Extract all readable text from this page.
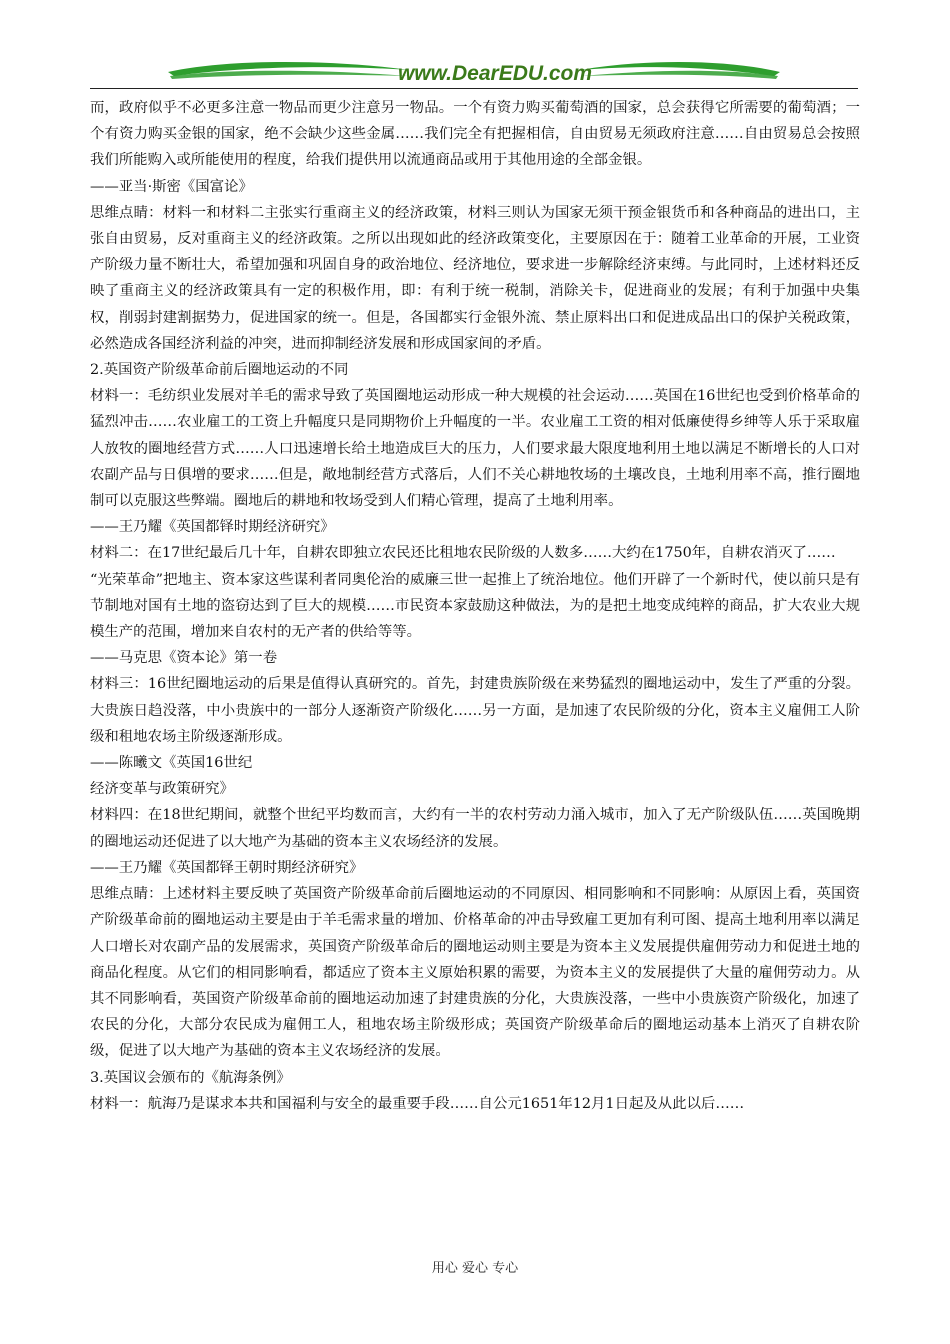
www.DearEDU.com

而，政府似乎不必更多注意一物品而更少注意另一物品。一个有资力购买葡萄酒的国家，总会获得它所需要的葡萄酒；一个有资力购买金银的国家，绝不会缺少这些金属……我们完全有把握相信，自由贸易无须政府注意……自由贸易总会按照我们所能购入或所能使用的程度，给我们提供用以流通商品或用于其他用途的全部金银。

——亚当·斯密《国富论》

思维点睛：材料一和材料二主张实行重商主义的经济政策，材料三则认为国家无须干预金银货币和各种商品的进出口，主张自由贸易，反对重商主义的经济政策。之所以出现如此的经济政策变化，主要原因在于：随着工业革命的开展，工业资产阶级力量不断壮大，希望加强和巩固自身的政治地位、经济地位，要求进一步解除经济束缚。与此同时，上述材料还反映了重商主义的经济政策具有一定的积极作用，即：有利于统一税制，消除关卡，促进商业的发展；有利于加强中央集权，削弱封建割据势力，促进国家的统一。但是，各国都实行金银外流、禁止原料出口和促进成品出口的保护关税政策，必然造成各国经济利益的冲突，进而抑制经济发展和形成国家间的矛盾。

2.英国资产阶级革命前后圈地运动的不同

材料一：毛纺织业发展对羊毛的需求导致了英国圈地运动形成一种大规模的社会运动……英国在16世纪也受到价格革命的猛烈冲击……农业雇工的工资上升幅度只是同期物价上升幅度的一半。农业雇工工资的相对低廉使得乡绅等人乐于采取雇人放牧的圈地经营方式……人口迅速增长给土地造成巨大的压力，人们要求最大限度地利用土地以满足不断增长的人口对农副产品与日俱增的要求……但是，敞地制经营方式落后，人们不关心耕地牧场的土壤改良，土地利用率不高，推行圈地制可以克服这些弊端。圈地后的耕地和牧场受到人们精心管理，提高了土地利用率。

——王乃耀《英国都铎时期经济研究》

材料二：在17世纪最后几十年，自耕农即独立农民还比租地农民阶级的人数多……大约在1750年，自耕农消灭了……

“光荣革命”把地主、资本家这些谋利者同奥伦治的威廉三世一起推上了统治地位。他们开辟了一个新时代，使以前只是有节制地对国有土地的盗窃达到了巨大的规模……市民资本家鼓励这种做法，为的是把土地变成纯粹的商品，扩大农业大规模生产的范围，增加来自农村的无产者的供给等等。

——马克思《资本论》第一卷

材料三：16世纪圈地运动的后果是值得认真研究的。首先，封建贵族阶级在来势猛烈的圈地运动中，发生了严重的分裂。大贵族日趋没落，中小贵族中的一部分人逐渐资产阶级化……另一方面，是加速了农民阶级的分化，资本主义雇佣工人阶级和租地农场主阶级逐渐形成。

——陈曦文《英国16世纪

经济变革与政策研究》

材料四：在18世纪期间，就整个世纪平均数而言，大约有一半的农村劳动力涌入城市，加入了无产阶级队伍……英国晚期的圈地运动还促进了以大地产为基础的资本主义农场经济的发展。

——王乃耀《英国都铎王朝时期经济研究》

思维点睛：上述材料主要反映了英国资产阶级革命前后圈地运动的不同原因、相同影响和不同影响：从原因上看，英国资产阶级革命前的圈地运动主要是由于羊毛需求量的增加、价格革命的冲击导致雇工更加有利可图、提高土地利用率以满足人口增长对农副产品的发展需求，英国资产阶级革命后的圈地运动则主要是为资本主义发展提供雇佣劳动力和促进土地的商品化程度。从它们的相同影响看，都适应了资本主义原始积累的需要，为资本主义的发展提供了大量的雇佣劳动力。从其不同影响看，英国资产阶级革命前的圈地运动加速了封建贵族的分化，大贵族没落，一些中小贵族资产阶级化，加速了农民的分化，大部分农民成为雇佣工人，租地农场主阶级形成；英国资产阶级革命后的圈地运动基本上消灭了自耕农阶级，促进了以大地产为基础的资本主义农场经济的发展。

3.英国议会颁布的《航海条例》

材料一：航海乃是谋求本共和国福利与安全的最重要手段……自公元1651年12月1日起及从此以后……

用心 爱心 专心
